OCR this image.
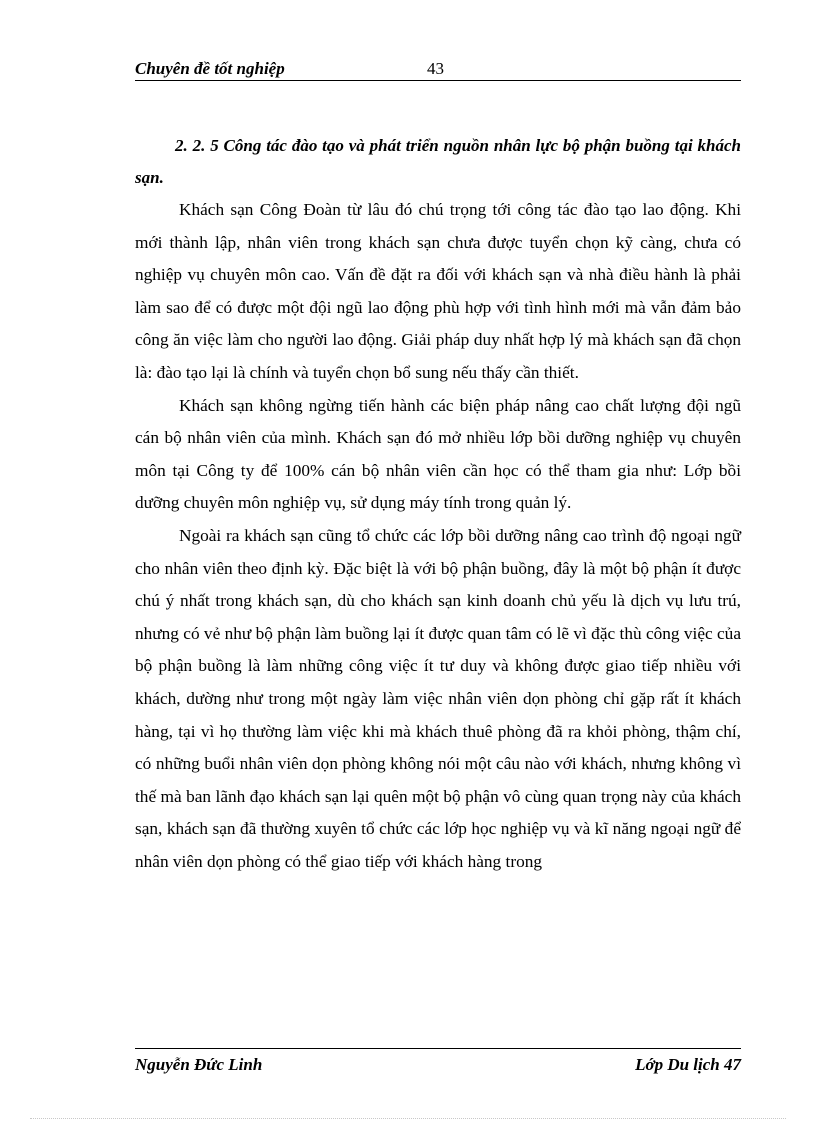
Chuyên đề tốt nghiệp	43

2. 2. 5 Công tác đào tạo và phát triển nguồn nhân lực bộ phận buồng tại khách sạn.

Khách sạn Công Đoàn từ lâu đó chú trọng tới công tác đào tạo lao động. Khi mới thành lập, nhân viên trong khách sạn chưa được tuyển chọn kỹ càng, chưa có nghiệp vụ chuyên môn cao. Vấn đề đặt ra đối với khách sạn và nhà điều hành là phải làm sao để có được một đội ngũ lao động phù hợp với tình hình mới mà vẫn đảm bảo công ăn việc làm cho người lao động. Giải pháp duy nhất hợp lý mà khách sạn đã chọn là: đào tạo lại là chính và tuyển chọn bổ sung nếu thấy cần thiết.

Khách sạn không ngừng tiến hành các biện pháp nâng cao chất lượng đội ngũ cán bộ nhân viên của mình. Khách sạn đó mở nhiều lớp bồi dưỡng nghiệp vụ chuyên môn tại Công ty để 100% cán bộ nhân viên cần học có thể tham gia như: Lớp bồi dưỡng chuyên môn nghiệp vụ, sử dụng máy tính trong quản lý.

Ngoài ra khách sạn cũng tổ chức các lớp bồi dưỡng nâng cao trình độ ngoại ngữ cho nhân viên theo định kỳ. Đặc biệt là với bộ phận buồng, đây là một bộ phận ít được chú ý nhất trong khách sạn, dù cho khách sạn kinh doanh chủ yếu là dịch vụ lưu trú, nhưng có vẻ như bộ phận làm buồng lại ít được quan tâm có lẽ vì đặc thù công việc của bộ phận buồng là làm những công việc ít tư duy và không được giao tiếp nhiều với khách, dường như trong một ngày làm việc nhân viên dọn phòng chỉ gặp rất ít khách hàng, tại vì họ thường làm việc khi mà khách thuê phòng đã ra khỏi phòng, thậm chí, có những buổi nhân viên dọn phòng không nói một câu nào với khách, nhưng không vì thế mà ban lãnh đạo khách sạn lại quên một bộ phận vô cùng quan trọng này của khách sạn, khách sạn đã thường xuyên tổ chức các lớp học nghiệp vụ và kĩ năng ngoại ngữ để nhân viên dọn phòng có thể giao tiếp với khách hàng trong

Nguyễn Đức Linh	Lớp Du lịch 47
